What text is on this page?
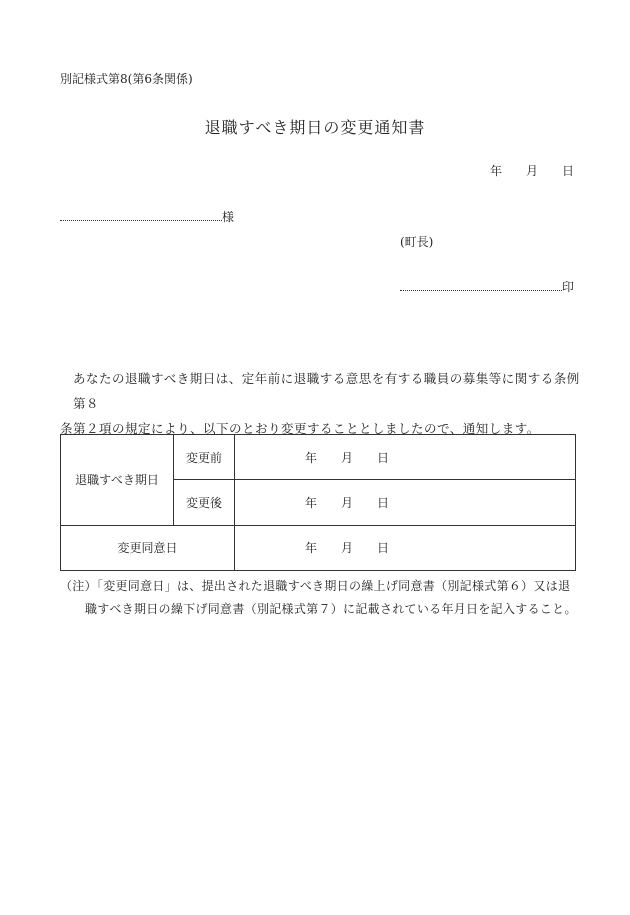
別記様式第8(第6条関係)
退職すべき期日の変更通知書
年　　月　　日
様
(町長)
印
あなたの退職すべき期日は、定年前に退職する意思を有する職員の募集等に関する条例第８
条第２項の規定により、以下のとおり変更することとしましたので、通知します。
退職すべき期日	変更前	年　　月　　日
	変更後	年　　月　　日
変更同意日		年　　月　　日
（注）「変更同意日」は、提出された退職すべき期日の繰上げ同意書（別記様式第６）又は退
職すべき期日の繰下げ同意書（別記様式第７）に記載されている年月日を記入すること。
